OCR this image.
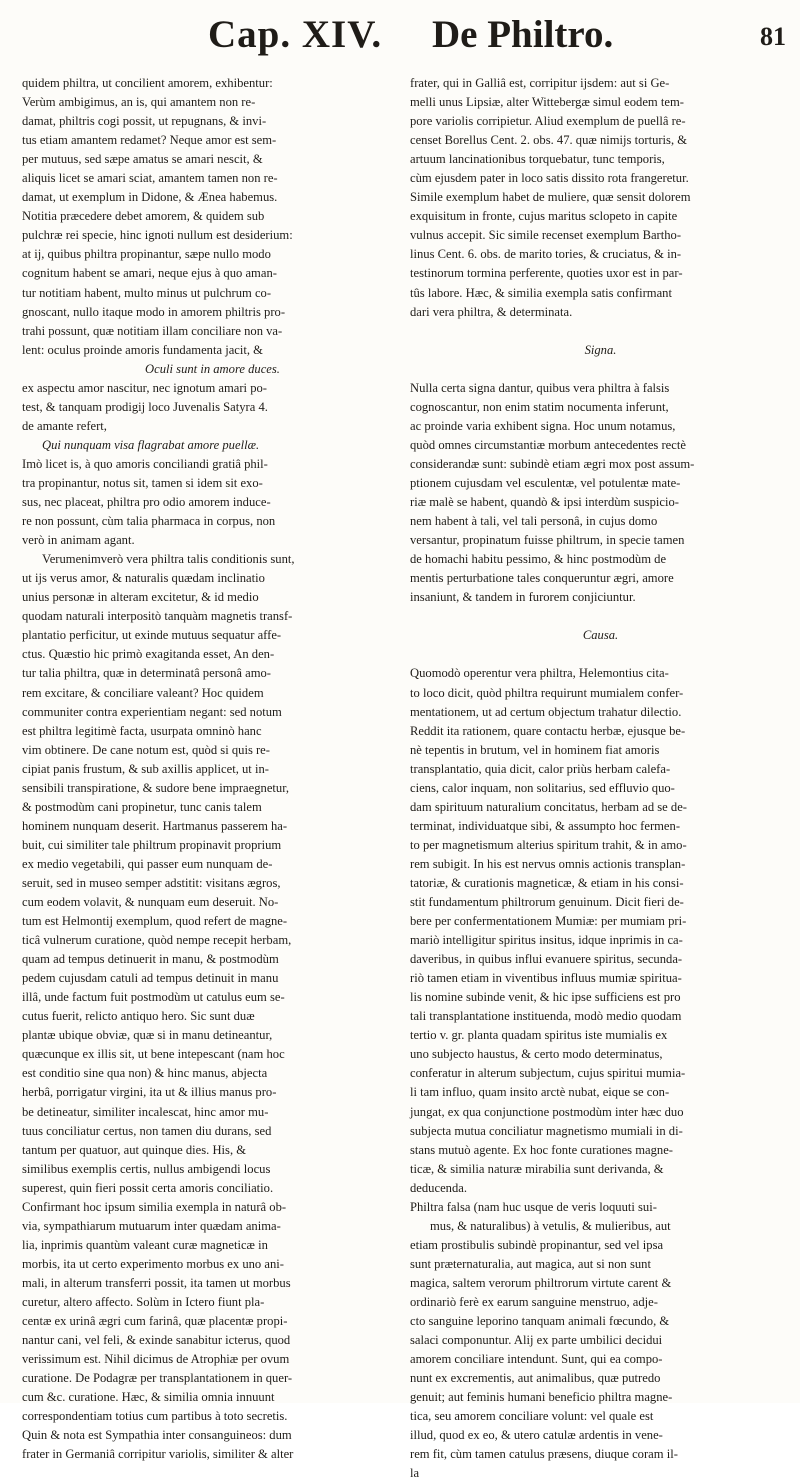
Cap. XIV. De Philtro.	81
quidem philtra, ut concilient amorem, exhibentur:
Verùm ambigimus, an is, qui amantem non re-
damat, philtris cogi possit, ut repugnans, & invi-
tus etiam amantem redamet? Neque amor est sem-
per mutuus, sed sæpe amatus se amari nescit, &
aliquis licet se amari sciat, amantem tamen non re-
damat, ut exemplum in Didone, & Ænea habemus.
Notitia præcedere debet amorem, & quidem sub
pulchræ rei specie, hinc ignoti nullum est desiderium:
at ij, quibus philtra propinantur, sæpe nullo modo
cognitum habent se amari, neque ejus à quo aman-
tur notitiam habent, multo minus ut pulchrum co-
gnoscant, nullo itaque modo in amorem philtris pro-
trahi possunt, quæ notitiam illam conciliare non va-
lent: oculus proinde amoris fundamenta jacit, &
Oculi sunt in amore duces.
ex aspectu amor nascitur, nec ignotum amari po-
test, & tanquam prodigij loco Juvenalis Satyra 4.
de amante refert,
Qui nunquam visa flagrabat amore puellæ.
Imò licet is, à quo amoris conciliandi gratiâ phil-
tra propinantur, notus sit, tamen si idem sit exo-
sus, nec placeat, philtra pro odio amorem induce-
re non possunt, cùm talia pharmaca in corpus, non
verò in animam agant.
Verumenimverò vera philtra talis conditionis sunt,
ut ijs verus amor, & naturalis quædam inclinatio
unius personæ in alteram excitetur, & id medio
quodam naturali interpositò tanquàm magnetis transf-
plantatio perficitur, ut exinde mutuus sequatur affe-
ctus. Quæstio hic primò exagitanda esset, An den-
tur talia philtra, quæ in determinatâ personâ amo-
rem excitare, & conciliare valeant? Hoc quidem
communiter contra experientiam negant: sed notum
est philtra legitimè facta, usurpata omninò hanc
vim obtinere. De cane notum est, quòd si quis re-
cipiat panis frustum, & sub axillis applicet, ut in-
sensibili transpiratione, & sudore bene impraegnetur,
& postmodùm cani propinetur, tunc canis talem
hominem nunquam deserit. Hartmanus passerem ha-
buit, cui similiter tale philtrum propinavit proprium
ex medio vegetabili, qui passer eum nunquam de-
seruit, sed in museo semper adstitit: visitans ægros,
cum eodem volavit, & nunquam eum deseruit. No-
tum est Helmontij exemplum, quod refert de magne-
ticâ vulnerum curatione, quòd nempe recepit herbam,
quam ad tempus detinuerit in manu, & postmodùm
pedem cujusdam catuli ad tempus detinuit in manu
illâ, unde factum fuit postmodùm ut catulus eum se-
cutus fuerit, relicto antiquo hero. Sic sunt duæ
plantæ ubique obviæ, quæ si in manu detineantur,
quæcunque ex illis sit, ut bene intepescant (nam hoc
est conditio sine qua non) & hinc manus, abjecta
herbâ, porrigatur virgini, ita ut & illius manus pro-
be detineatur, similiter incalescat, hinc amor mu-
tuus conciliatur certus, non tamen diu durans, sed
tantum per quatuor, aut quinque dies. His, &
similibus exemplis certis, nullus ambigendi locus
superest, quin fieri possit certa amoris conciliatio.
Confirmant hoc ipsum similia exempla in naturâ ob-
via, sympathiarum mutuarum inter quædam anima-
lia, inprimis quantùm valeant curæ magneticæ in
morbis, ita ut certo experimento morbus ex uno ani-
mali, in alterum transferri possit, ita tamen ut morbus
curetur, altero affecto. Solùm in Ictero fiunt pla-
centæ ex urinâ ægri cum farinâ, quæ placentæ propi-
nantur cani, vel feli, & exinde sanabitur icterus, quod
verissimum est. Nihil dicimus de Atrophiæ per ovum
curatione. De Podagræ per transplantationem in quer-
cum &c. curatione. Hæc, & similia omnia innuunt
correspondentiam totius cum partibus à toto secretis.
Quin & nota est Sympathia inter consanguineos: dum
frater in Germaniâ corripitur variolis, similiter & alter
frater, qui in Galliâ est, corripitur ijsdem: aut si Ge-
melli unus Lipsiæ, alter Wittebergæ simul eodem tem-
pore variolis corripietur. Aliud exemplum de puellâ re-
censet Borellus Cent. 2. obs. 47. quæ nimijs torturis, &
artuum lancinationibus torquebatur, tunc temporis,
cùm ejusdem pater in loco satis dissito rota frangeretur.
Simile exemplum habet de muliere, quæ sensit dolorem
exquisitum in fronte, cujus maritus sclopeto in capite
vulnus accepit. Sic simile recenset exemplum Bartho-
linus Cent. 6. obs. de marito tories, & cruciatus, & in-
testinorum tormina perferente, quoties uxor est in par-
tûs labore. Hæc, & similia exempla satis confirmant
dari vera philtra, & determinata.

Signa.

Nulla certa signa dantur, quibus vera philtra à falsis
cognoscantur, non enim statim nocumenta inferunt,
ac proinde varia exhibent signa. Hoc unum notamus,
quòd omnes circumstantiæ morbum antecedentes rectè
considerandæ sunt: subindè etiam ægri mox post assum-
ptionem cujusdam vel esculentæ, vel potulentæ mate-
riæ malè se habent, quandò & ipsi interdùm suspicio-
nem habent à tali, vel tali personâ, in cujus domo
versantur, propinatum fuisse philtrum, in specie tamen
de homachi habitu pessimo, & hinc postmodùm de
mentis perturbatione tales conqueruntur ægri, amore
insaniunt, & tandem in furorem conjiciuntur.

Causa.

Quomodò operentur vera philtra, Helemontius cita-
to loco dicit, quòd philtra requirunt mumialem confer-
mentationem, ut ad certum objectum trahatur dilectio.
Reddit ita rationem, quare contactu herbæ, ejusque be-
nè tepentis in brutum, vel in hominem fiat amoris
transplantatio, quia dicit, calor priùs herbam calefa-
ciens, calor inquam, non solitarius, sed effluvio quo-
dam spirituum naturalium concitatus, herbam ad se de-
terminat, individuatque sibi, & assumpto hoc fermen-
to per magnetismum alterius spiritum trahit, & in amo-
rem subigit. In his est nervus omnis actionis transplan-
tatoriæ, & curationis magneticæ, & etiam in his consi-
stit fundamentum philtrorum genuinum. Dicit fieri de-
bere per confermentationem Mumiæ: per mumiam pri-
mariò intelligitur spiritus insitus, idque inprimis in ca-
daveribus, in quibus influi evanuere spiritus, secunda-
riò tamen etiam in viventibus influus mumiæ spiritua-
lis nomine subinde venit, & hic ipse sufficiens est pro
tali transplantatione instituenda, modò medio quodam
tertio v. gr. planta quadam spiritus iste mumialis ex
uno subjecto haustus, & certo modo determinatus,
conferatur in alterum subjectum, cujus spiritui mumia-
li tam influo, quam insito arctè nubat, eique se con-
jungat, ex qua conjunctione postmodùm inter hæc duo
subjecta mutua conciliatur magnetismo mumiali in di-
stans mutuò agente. Ex hoc fonte curationes magne-
ticæ, & similia naturæ mirabilia sunt derivanda, &
deducenda.
Philtra falsa (nam huc usque de veris loquuti sui-
mus, & naturalibus) à vetulis, & mulieribus, aut
etiam prostibulis subindè propinantur, sed vel ipsa
sunt præternaturalia, aut magica, aut si non sunt
magica, saltem verorum philtrorum virtute carent &
ordinariò ferè ex earum sanguine menstruo, adje-
cto sanguine leporino tanquam animali fœcundo, &
salaci componuntur. Alij ex parte umbilici decidui
amorem conciliare intendunt. Sunt, qui ea compo-
nunt ex excrementis, aut animalibus, quæ putredo
genuit; aut feminis humani beneficio philtra magne-
tica, seu amorem conciliare volunt: vel quale est
illud, quod ex eo, & utero catulæ ardentis in vene-
rem fit, cùm tamen catulus præsens, diuque coram il-
la
